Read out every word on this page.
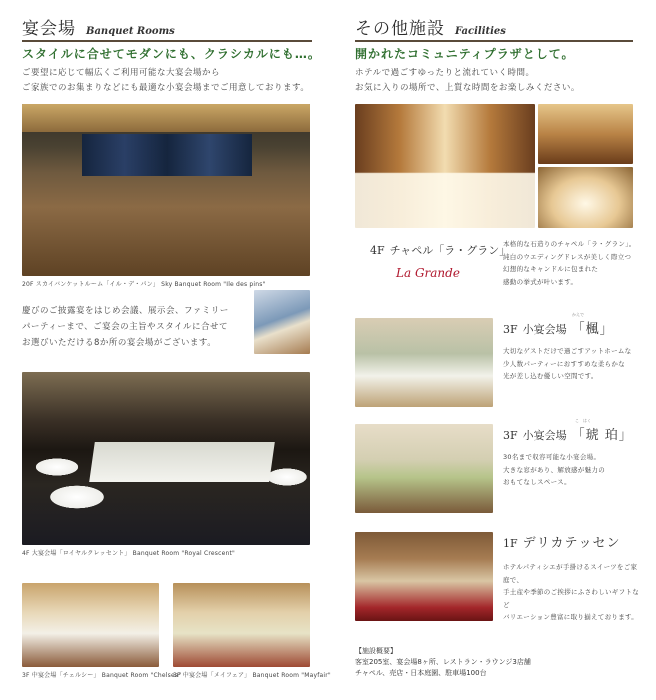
宴会場 Banquet Rooms
スタイルに合せてモダンにも、クラシカルにも…。
ご要望に応じて幅広くご利用可能な大宴会場から
ご家族でのお集まりなどにも最適な小宴会場までご用意しております。
20F スカイバンケットルーム「イル・デ・パン」 Sky Banquet Room "Ile des pins"
慶びのご披露宴をはじめ会議、展示会、ファミリー
パーティーまで、ご宴会の主旨やスタイルに合せて
お選びいただける8か所の宴会場がございます。
4F 大宴会場「ロイヤルクレッセント」 Banquet Room "Royal Crescent"
3F 中宴会場「チェルシー」 Banquet Room "Chelsea"
3F 中宴会場「メイフェア」 Banquet Room "Mayfair"
その他施設 Facilities
開かれたコミュニティプラザとして。
ホテルで過ごすゆったりと流れていく時間。
お気に入りの場所で、上質な時間をお楽しみください。
4F チャペル「ラ・グラン」
La Grande
本格的な石造りのチャペル「ラ・グラン」。
純白のウエディングドレスが美しく際立つ
幻想的なキャンドルに包まれた
感動の挙式が叶います。
3F 小宴会場 「楓」
かえで
大切なゲストだけで過ごすアットホームな
少人数パーティーにおすすめな柔らかな
光が差し込む優しい空間です。
3F 小宴会場 「琥 珀」
こ　はく
30名まで収容可能な小宴会場。
大きな窓があり、解放感が魅力の
おもてなしスペース。
1F デリカテッセン
ホテルパティシエが手掛けるスイーツをご家庭で、
手土産や季節のご挨拶にふさわしいギフトなど
バリエーション豊富に取り揃えております。
【施設概要】
客室205室、宴会場8ヶ所、レストラン・ラウンジ3店舗
チャペル、売店・日本庭園、駐車場100台
